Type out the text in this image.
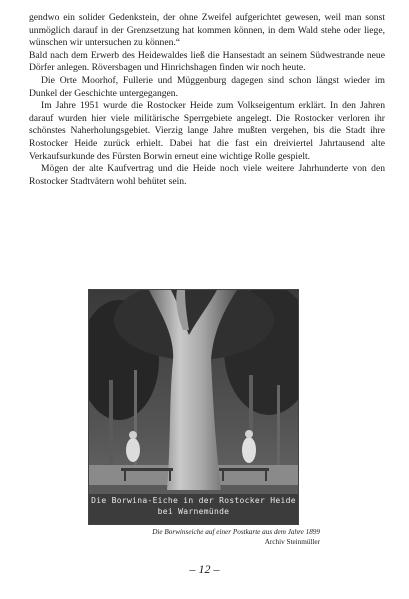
gendwo ein solider Gedenkstein, der ohne Zweifel aufgerichtet gewesen, weil man sonst unmöglich darauf in der Grenzsetzung hat kommen können, in dem Wald stehe oder liege, wünschen wir untersuchen zu können.“

Bald nach dem Erwerb des Heidewaldes ließ die Hansestadt an seinem Südwestrande neue Dörfer anlegen. Röversbagen und Hinrichshagen finden wir noch heute.

Die Orte Moorhof, Fullerie und Müggenburg dagegen sind schon längst wieder im Dunkel der Geschichte untergegangen.

Im Jahre 1951 wurde die Rostocker Heide zum Volkseigentum erklärt. In den Jahren darauf wurden hier viele militärische Sperrgebiete angelegt. Die Rostocker verloren ihr schönstes Naherholungsgebiet. Vierzig lange Jahre mußten vergehen, bis die Stadt ihre Rostocker Heide zurück erhielt. Dabei hat die fast ein dreiviertel Jahrtausend alte Verkaufsurkunde des Fürsten Borwin erneut eine wichtige Rolle gespielt.

Mögen der alte Kaufvertrag und die Heide noch viele weitere Jahrhunderte von den Rostocker Stadtvätern wohl behütet sein.

Die Borwina-Eiche in der Rostocker Heide
bei Warnemünde
Die Borwinseiche auf einer Postkarte aus dem Jahre 1899
Archiv Steinmüller
– 12 –
